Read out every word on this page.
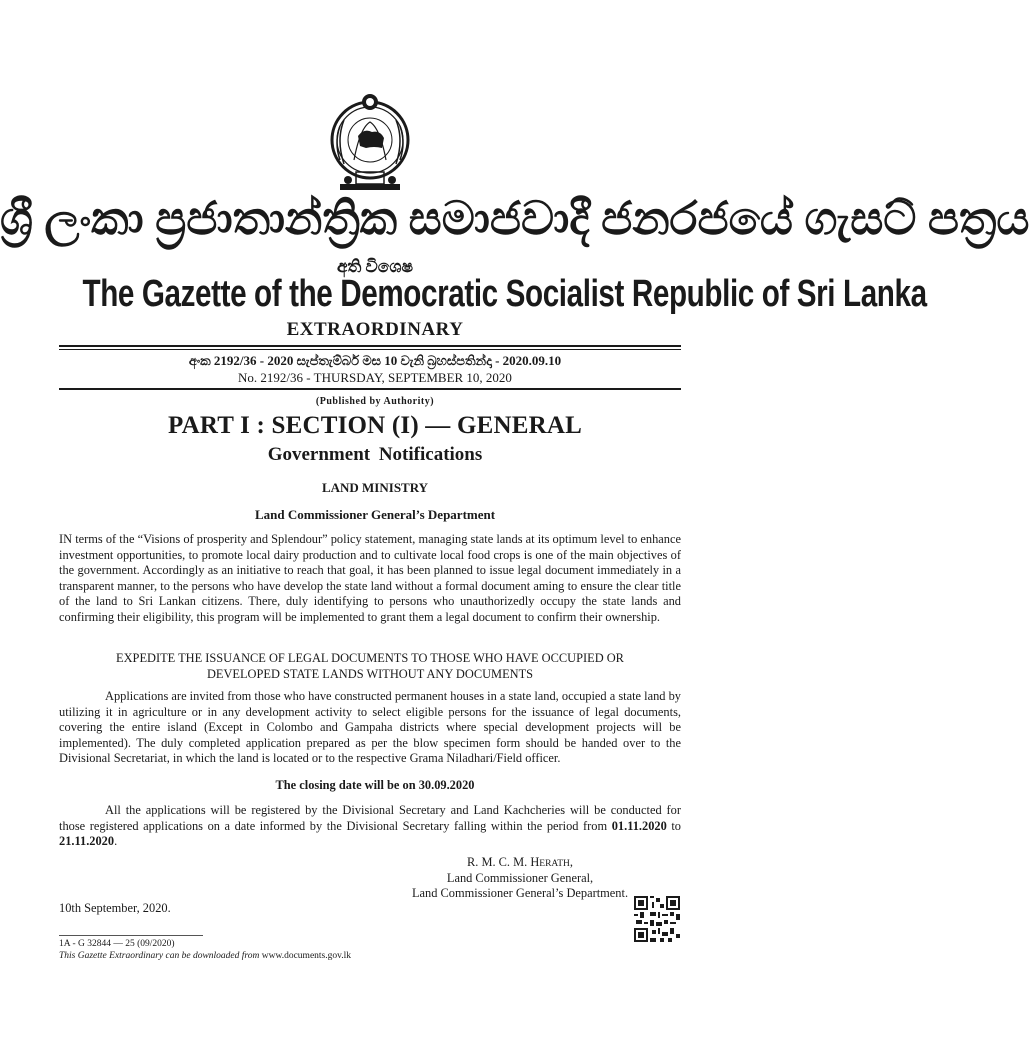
ශ්‍රී ලංකා ප්‍රජාතාන්ත්‍රික සමාජවාදී ජනරජයේ ගැසට් පත්‍රය
අති විශෙෂ
The Gazette of the Democratic Socialist Republic of Sri Lanka
EXTRAORDINARY
අංක 2192/36 - 2020 සැප්තැම්බර් මස 10 වැනි බ්‍රහස්පතින්දා - 2020.09.10
No. 2192/36 - THURSDAY, SEPTEMBER 10, 2020
(Published by Authority)
PART I : SECTION (I) — GENERAL
Government Notifications
LAND MINISTRY
Land Commissioner General’s Department
IN terms of the “Visions of prosperity and Splendour” policy statement, managing state lands at its optimum level to enhance investment opportunities, to promote local dairy production and to cultivate local food crops is one of the main objectives of the government. Accordingly as an initiative to reach that goal, it has been planned to issue legal document immediately in a transparent manner, to the persons who have develop the state land without a formal document aming to ensure the clear title of the land to Sri Lankan citizens. There, duly identifying to persons who unauthorizedly occupy the state lands and confirming their eligibility, this program will be implemented to grant them a legal document to confirm their ownership.
EXPEDITE THE ISSUANCE OF LEGAL DOCUMENTS TO THOSE WHO HAVE OCCUPIED OR DEVELOPED STATE LANDS WITHOUT ANY DOCUMENTS
Applications are invited from those who have constructed permanent houses in a state land, occupied a state land by utilizing it in agriculture or in any development activity to select eligible persons for the issuance of legal documents, covering the entire island (Except in Colombo and Gampaha districts where special development projects will be implemented). The duly completed application prepared as per the blow specimen form should be handed over to the Divisional Secretariat, in which the land is located or to the respective Grama Niladhari/Field officer.
The closing date will be on 30.09.2020
All the applications will be registered by the Divisional Secretary and Land Kachcheries will be conducted for those registered applications on a date informed by the Divisional Secretary falling within the period from 01.11.2020 to 21.11.2020.
R. M. C. M. HERATH,
Land Commissioner General,
Land Commissioner General’s Department.
10th September, 2020.
1A - G 32844 — 25 (09/2020)
This Gazette Extraordinary can be downloaded from www.documents.gov.lk
